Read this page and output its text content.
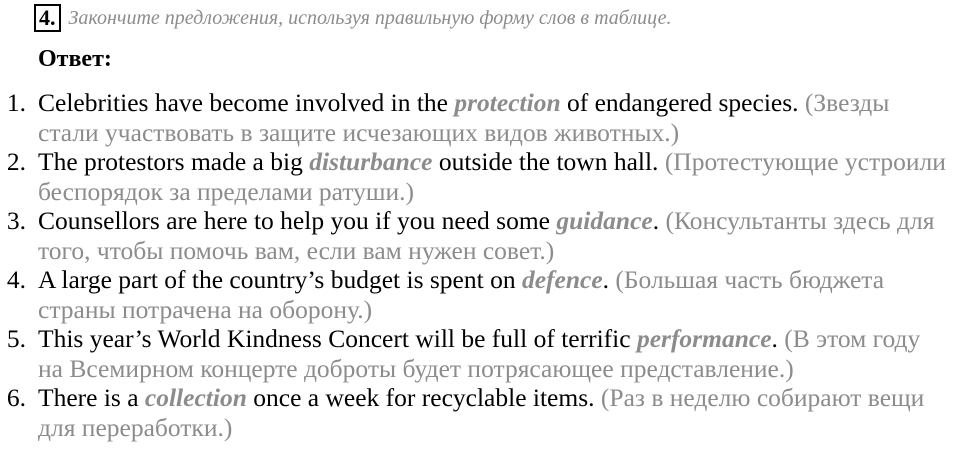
4. Закончите предложения, используя правильную форму слов в таблице.
Ответ:
1. Celebrities have become involved in the protection of endangered species. (Звезды стали участвовать в защите исчезающих видов животных.)
2. The protestors made a big disturbance outside the town hall. (Протестующие устроили беспорядок за пределами ратуши.)
3. Counsellors are here to help you if you need some guidance. (Консультанты здесь для того, чтобы помочь вам, если вам нужен совет.)
4. A large part of the country’s budget is spent on defence. (Большая часть бюджета страны потрачена на оборону.)
5. This year’s World Kindness Concert will be full of terrific performance. (В этом году на Всемирном концерте доброты будет потрясающее представление.)
6. There is a collection once a week for recyclable items. (Раз в неделю собирают вещи для переработки.)
